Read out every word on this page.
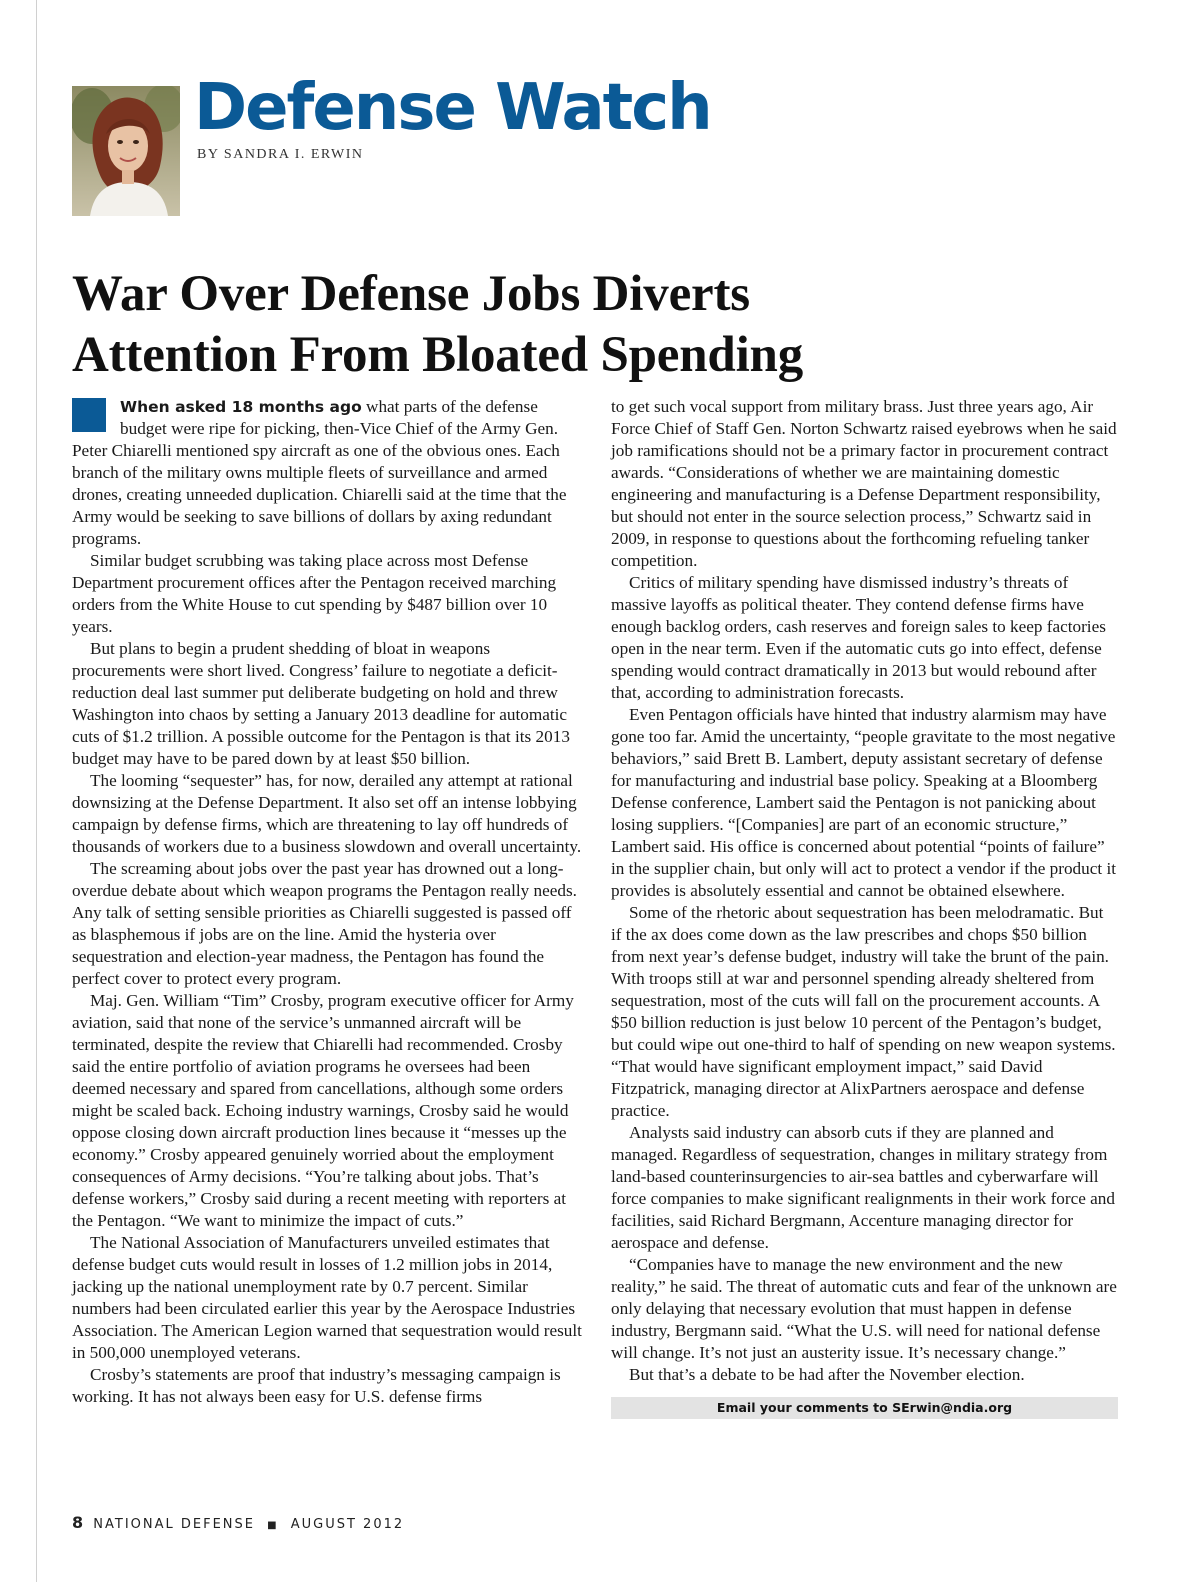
Defense Watch
BY SANDRA I. ERWIN
War Over Defense Jobs Diverts Attention From Bloated Spending

When asked 18 months ago what parts of the defense budget were ripe for picking, then-Vice Chief of the Army Gen. Peter Chiarelli mentioned spy aircraft as one of the obvious ones. Each branch of the military owns multiple fleets of surveillance and armed drones, creating unneeded duplication. Chiarelli said at the time that the Army would be seeking to save billions of dollars by axing redundant programs.

Similar budget scrubbing was taking place across most Defense Department procurement offices after the Pentagon received marching orders from the White House to cut spending by $487 billion over 10 years.

But plans to begin a prudent shedding of bloat in weapons procurements were short lived. Congress’ failure to negotiate a deficit-reduction deal last summer put deliberate budgeting on hold and threw Washington into chaos by setting a January 2013 deadline for automatic cuts of $1.2 trillion. A possible outcome for the Pentagon is that its 2013 budget may have to be pared down by at least $50 billion.

The looming “sequester” has, for now, derailed any attempt at rational downsizing at the Defense Department. It also set off an intense lobbying campaign by defense firms, which are threatening to lay off hundreds of thousands of workers due to a business slowdown and overall uncertainty.

The screaming about jobs over the past year has drowned out a long-overdue debate about which weapon programs the Pentagon really needs. Any talk of setting sensible priorities as Chiarelli suggested is passed off as blasphemous if jobs are on the line. Amid the hysteria over sequestration and election-year madness, the Pentagon has found the perfect cover to protect every program.

Maj. Gen. William “Tim” Crosby, program executive officer for Army aviation, said that none of the service’s unmanned aircraft will be terminated, despite the review that Chiarelli had recommended. Crosby said the entire portfolio of aviation programs he oversees had been deemed necessary and spared from cancellations, although some orders might be scaled back. Echoing industry warnings, Crosby said he would oppose closing down aircraft production lines because it “messes up the economy.” Crosby appeared genuinely worried about the employment consequences of Army decisions. “You’re talking about jobs. That’s defense workers,” Crosby said during a recent meeting with reporters at the Pentagon. “We want to minimize the impact of cuts.”

The National Association of Manufacturers unveiled estimates that defense budget cuts would result in losses of 1.2 million jobs in 2014, jacking up the national unemployment rate by 0.7 percent. Similar numbers had been circulated earlier this year by the Aerospace Industries Association. The American Legion warned that sequestration would result in 500,000 unemployed veterans.

Crosby’s statements are proof that industry’s messaging campaign is working. It has not always been easy for U.S. defense firms

to get such vocal support from military brass. Just three years ago, Air Force Chief of Staff Gen. Norton Schwartz raised eyebrows when he said job ramifications should not be a primary factor in procurement contract awards. “Considerations of whether we are maintaining domestic engineering and manufacturing is a Defense Department responsibility, but should not enter in the source selection process,” Schwartz said in 2009, in response to questions about the forthcoming refueling tanker competition.

Critics of military spending have dismissed industry’s threats of massive layoffs as political theater. They contend defense firms have enough backlog orders, cash reserves and foreign sales to keep factories open in the near term. Even if the automatic cuts go into effect, defense spending would contract dramatically in 2013 but would rebound after that, according to administration forecasts.

Even Pentagon officials have hinted that industry alarmism may have gone too far. Amid the uncertainty, “people gravitate to the most negative behaviors,” said Brett B. Lambert, deputy assistant secretary of defense for manufacturing and industrial base policy. Speaking at a Bloomberg Defense conference, Lambert said the Pentagon is not panicking about losing suppliers. “[Companies] are part of an economic structure,” Lambert said. His office is concerned about potential “points of failure” in the supplier chain, but only will act to protect a vendor if the product it provides is absolutely essential and cannot be obtained elsewhere.

Some of the rhetoric about sequestration has been melodramatic. But if the ax does come down as the law prescribes and chops $50 billion from next year’s defense budget, industry will take the brunt of the pain. With troops still at war and personnel spending already sheltered from sequestration, most of the cuts will fall on the procurement accounts. A $50 billion reduction is just below 10 percent of the Pentagon’s budget, but could wipe out one-third to half of spending on new weapon systems. “That would have significant employment impact,” said David Fitzpatrick, managing director at AlixPartners aerospace and defense practice.

Analysts said industry can absorb cuts if they are planned and managed. Regardless of sequestration, changes in military strategy from land-based counterinsurgencies to air-sea battles and cyberwarfare will force companies to make significant realignments in their work force and facilities, said Richard Bergmann, Accenture managing director for aerospace and defense.

“Companies have to manage the new environment and the new reality,” he said. The threat of automatic cuts and fear of the unknown are only delaying that necessary evolution that must happen in defense industry, Bergmann said. “What the U.S. will need for national defense will change. It’s not just an austerity issue. It’s necessary change.”

But that’s a debate to be had after the November election.

Email your comments to SErwin@ndia.org
8 NATIONAL DEFENSE ■ AUGUST 2012
